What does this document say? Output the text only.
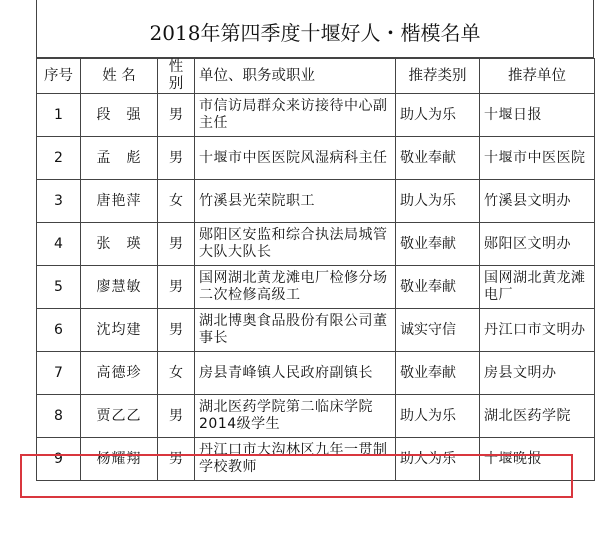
2018年第四季度十堰好人・楷模名单
序号	姓 名	性别	单位、职务或职业	推荐类别	推荐单位
1	段　强	男	市信访局群众来访接待中心副主任	助人为乐	十堰日报
2	孟　彪	男	十堰市中医医院风湿病科主任	敬业奉献	十堰市中医医院
3	唐艳萍	女	竹溪县光荣院职工	助人为乐	竹溪县文明办
4	张　瑛	男	郧阳区安监和综合执法局城管大队大队长	敬业奉献	郧阳区文明办
5	廖慧敏	男	国网湖北黄龙滩电厂检修分场二次检修高级工	敬业奉献	国网湖北黄龙滩电厂
6	沈均建	男	湖北博奥食品股份有限公司董事长	诚实守信	丹江口市文明办
7	高德珍	女	房县青峰镇人民政府副镇长	敬业奉献	房县文明办
8	贾乙乙	男	湖北医药学院第二临床学院2014级学生	助人为乐	湖北医药学院
9	杨耀翔	男	丹江口市大沟林区九年一贯制学校教师	助人为乐	十堰晚报
